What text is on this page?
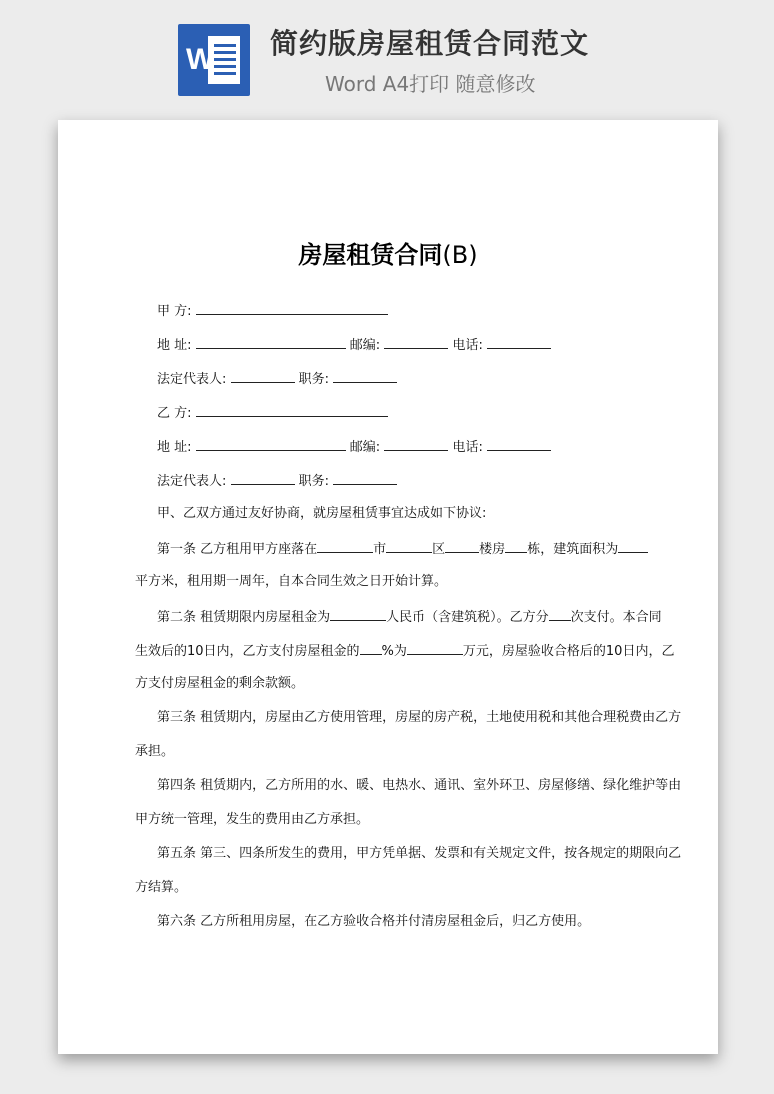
W 简约版房屋租赁合同范文
Word A4打印 随意修改
房屋租赁合同(B)
甲 方:
地 址:	邮编:	电话:
法定代表人:	职务:
乙 方:
地 址:	邮编:	电话:
法定代表人:	职务:
甲、乙双方通过友好协商，就房屋租赁事宜达成如下协议:
第一条 乙方租用甲方座落在	市	区	楼房 栋，建筑面积为
平方米，租用期一周年，自本合同生效之日开始计算。
第二条 租赁期限内房屋租金为	人民币（含建筑税）。乙方分 次支付。本合同
生效后的10日内，乙方支付房屋租金的 %为	万元，房屋验收合格后的10日内，乙
方支付房屋租金的剩余款额。
第三条 租赁期内，房屋由乙方使用管理，房屋的房产税，土地使用税和其他合理税费由乙方
承担。
第四条 租赁期内，乙方所用的水、暖、电热水、通讯、室外环卫、房屋修缮、绿化维护等由
甲方统一管理，发生的费用由乙方承担。
第五条 第三、四条所发生的费用，甲方凭单据、发票和有关规定文件，按各规定的期限向乙
方结算。
第六条 乙方所租用房屋，在乙方验收合格并付清房屋租金后，归乙方使用。
